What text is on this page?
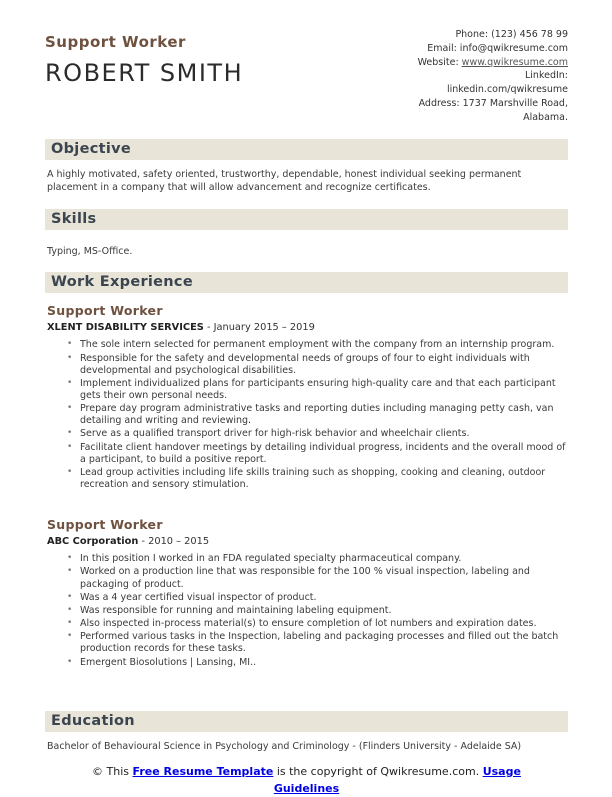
Support Worker
ROBERT SMITH
Phone: (123) 456 78 99
Email: info@qwikresume.com
Website: www.qwikresume.com
LinkedIn:
linkedin.com/qwikresume
Address: 1737 Marshville Road,
Alabama.
Objective
A highly motivated, safety oriented, trustworthy, dependable, honest individual seeking permanent placement in a company that will allow advancement and recognize certificates.
Skills
Typing, MS-Office.
Work Experience
Support Worker
XLENT DISABILITY SERVICES - January 2015 – 2019
• The sole intern selected for permanent employment with the company from an internship program.
• Responsible for the safety and developmental needs of groups of four to eight individuals with developmental and psychological disabilities.
• Implement individualized plans for participants ensuring high-quality care and that each participant gets their own personal needs.
• Prepare day program administrative tasks and reporting duties including managing petty cash, van detailing and writing and reviewing.
• Serve as a qualified transport driver for high-risk behavior and wheelchair clients.
• Facilitate client handover meetings by detailing individual progress, incidents and the overall mood of a participant, to build a positive report.
• Lead group activities including life skills training such as shopping, cooking and cleaning, outdoor recreation and sensory stimulation.
Support Worker
ABC Corporation - 2010 – 2015
• In this position I worked in an FDA regulated specialty pharmaceutical company.
• Worked on a production line that was responsible for the 100 % visual inspection, labeling and packaging of product.
• Was a 4 year certified visual inspector of product.
• Was responsible for running and maintaining labeling equipment.
• Also inspected in-process material(s) to ensure completion of lot numbers and expiration dates.
• Performed various tasks in the Inspection, labeling and packaging processes and filled out the batch production records for these tasks.
• Emergent Biosolutions | Lansing, MI..
Education
Bachelor of Behavioural Science in Psychology and Criminology - (Flinders University - Adelaide SA)
© This Free Resume Template is the copyright of Qwikresume.com. Usage Guidelines
